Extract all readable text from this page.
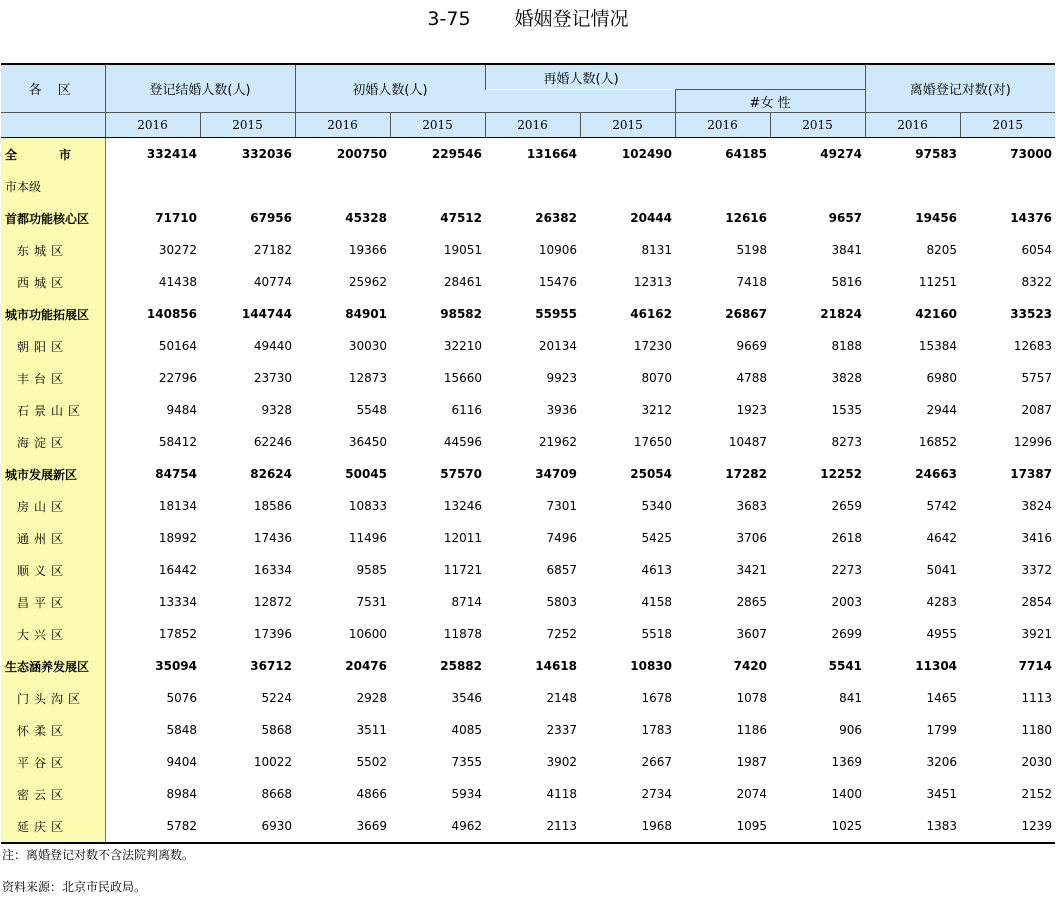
3-75 婚姻登记情况
各 区	登记结婚人数(人)		初婚人数(人)		再婚人数(人)				离婚登记对数(对)	
							#女 性			
	2016	2015	2016	2015	2016	2015	2016	2015	2016	2015
全 市	332414	332036	200750	229546	131664	102490	64185	49274	97583	73000
市本级										
首都功能核心区	71710	67956	45328	47512	26382	20444	12616	9657	19456	14376
东城区	30272	27182	19366	19051	10906	8131	5198	3841	8205	6054
西城区	41438	40774	25962	28461	15476	12313	7418	5816	11251	8322
城市功能拓展区	140856	144744	84901	98582	55955	46162	26867	21824	42160	33523
朝阳区	50164	49440	30030	32210	20134	17230	9669	8188	15384	12683
丰台区	22796	23730	12873	15660	9923	8070	4788	3828	6980	5757
石景山区	9484	9328	5548	6116	3936	3212	1923	1535	2944	2087
海淀区	58412	62246	36450	44596	21962	17650	10487	8273	16852	12996
城市发展新区	84754	82624	50045	57570	34709	25054	17282	12252	24663	17387
房山区	18134	18586	10833	13246	7301	5340	3683	2659	5742	3824
通州区	18992	17436	11496	12011	7496	5425	3706	2618	4642	3416
顺义区	16442	16334	9585	11721	6857	4613	3421	2273	5041	3372
昌平区	13334	12872	7531	8714	5803	4158	2865	2003	4283	2854
大兴区	17852	17396	10600	11878	7252	5518	3607	2699	4955	3921
生态涵养发展区	35094	36712	20476	25882	14618	10830	7420	5541	11304	7714
门头沟区	5076	5224	2928	3546	2148	1678	1078	841	1465	1113
怀柔区	5848	5868	3511	4085	2337	1783	1186	906	1799	1180
平谷区	9404	10022	5502	7355	3902	2667	1987	1369	3206	2030
密云区	8984	8668	4866	5934	4118	2734	2074	1400	3451	2152
延庆区	5782	6930	3669	4962	2113	1968	1095	1025	1383	1239
注：离婚登记对数不含法院判离数。
资料来源：北京市民政局。
